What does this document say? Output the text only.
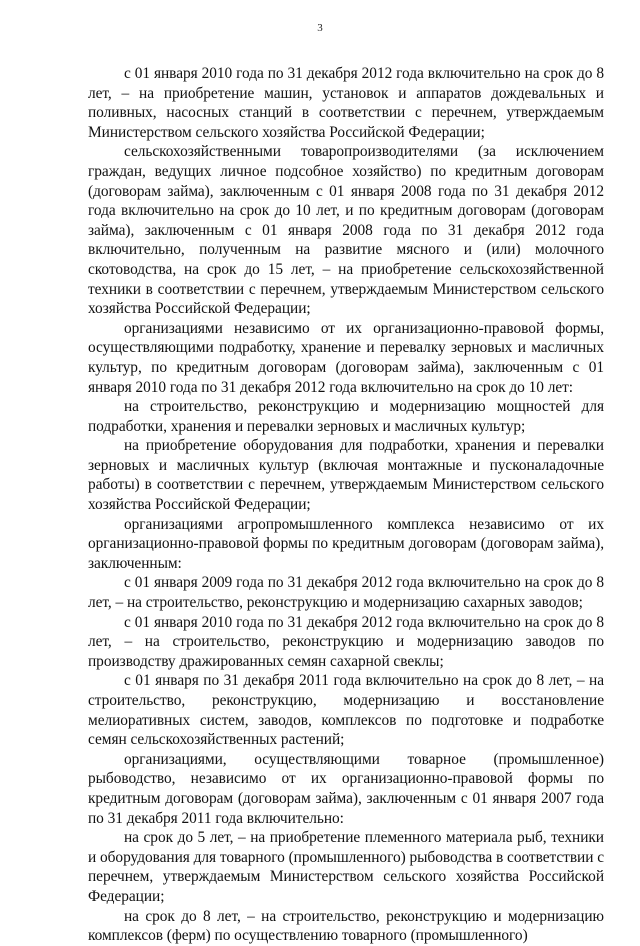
3

с 01 января 2010 года по 31 декабря 2012 года включительно на срок до 8 лет, – на приобретение машин, установок и аппаратов дождевальных и поливных, насосных станций в соответствии с перечнем, утверждаемым Министерством сельского хозяйства Российской Федерации;

сельскохозяйственными товаропроизводителями (за исключением граждан, ведущих личное подсобное хозяйство) по кредитным договорам (договорам займа), заключенным с 01 января 2008 года по 31 декабря 2012 года включительно на срок до 10 лет, и по кредитным договорам (договорам займа), заключенным с 01 января 2008 года по 31 декабря 2012 года включительно, полученным на развитие мясного и (или) молочного скотоводства, на срок до 15 лет, – на приобретение сельскохозяйственной техники в соответствии с перечнем, утверждаемым Министерством сельского хозяйства Российской Федерации;

организациями независимо от их организационно-правовой формы, осуществляющими подработку, хранение и перевалку зерновых и масличных культур, по кредитным договорам (договорам займа), заключенным с 01 января 2010 года по 31 декабря 2012 года включительно на срок до 10 лет:

на строительство, реконструкцию и модернизацию мощностей для подработки, хранения и перевалки зерновых и масличных культур;

на приобретение оборудования для подработки, хранения и перевалки зерновых и масличных культур (включая монтажные и пусконаладочные работы) в соответствии с перечнем, утверждаемым Министерством сельского хозяйства Российской Федерации;

организациями агропромышленного комплекса независимо от их организационно-правовой формы по кредитным договорам (договорам займа), заключенным:

с 01 января 2009 года по 31 декабря 2012 года включительно на срок до 8 лет, – на строительство, реконструкцию и модернизацию сахарных заводов;

с 01 января 2010 года по 31 декабря 2012 года включительно на срок до 8 лет, – на строительство, реконструкцию и модернизацию заводов по производству дражированных семян сахарной свеклы;

с 01 января по 31 декабря 2011 года включительно на срок до 8 лет, – на строительство, реконструкцию, модернизацию и восстановление мелиоративных систем, заводов, комплексов по подготовке и подработке семян сельскохозяйственных растений;

организациями, осуществляющими товарное (промышленное) рыбоводство, независимо от их организационно-правовой формы по кредитным договорам (договорам займа), заключенным с 01 января 2007 года по 31 декабря 2011 года включительно:

на срок до 5 лет, – на приобретение племенного материала рыб, техники и оборудования для товарного (промышленного) рыбоводства в соответствии с перечнем, утверждаемым Министерством сельского хозяйства Российской Федерации;

на срок до 8 лет, – на строительство, реконструкцию и модернизацию комплексов (ферм) по осуществлению товарного (промышленного)
